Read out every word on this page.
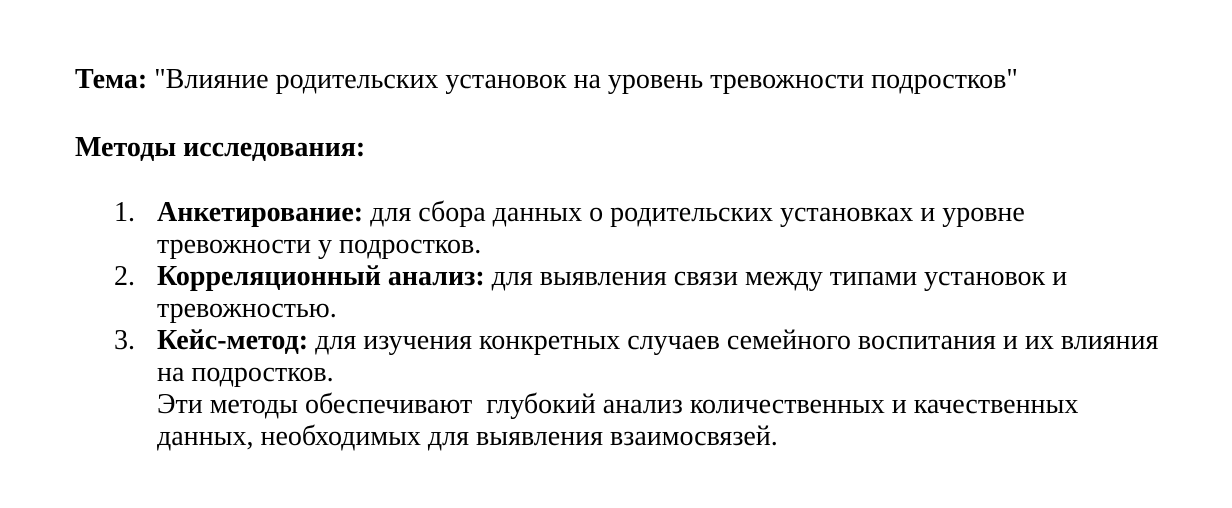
Тема: "Влияние родительских установок на уровень тревожности подростков"

Методы исследования:

1. Анкетирование: для сбора данных о родительских установках и уровне тревожности у подростков.
2. Корреляционный анализ: для выявления связи между типами установок и тревожностью.
3. Кейс-метод: для изучения конкретных случаев семейного воспитания и их влияния на подростков.
Эти методы обеспечивают  глубокий анализ количественных и качественных данных, необходимых для выявления взаимосвязей.
